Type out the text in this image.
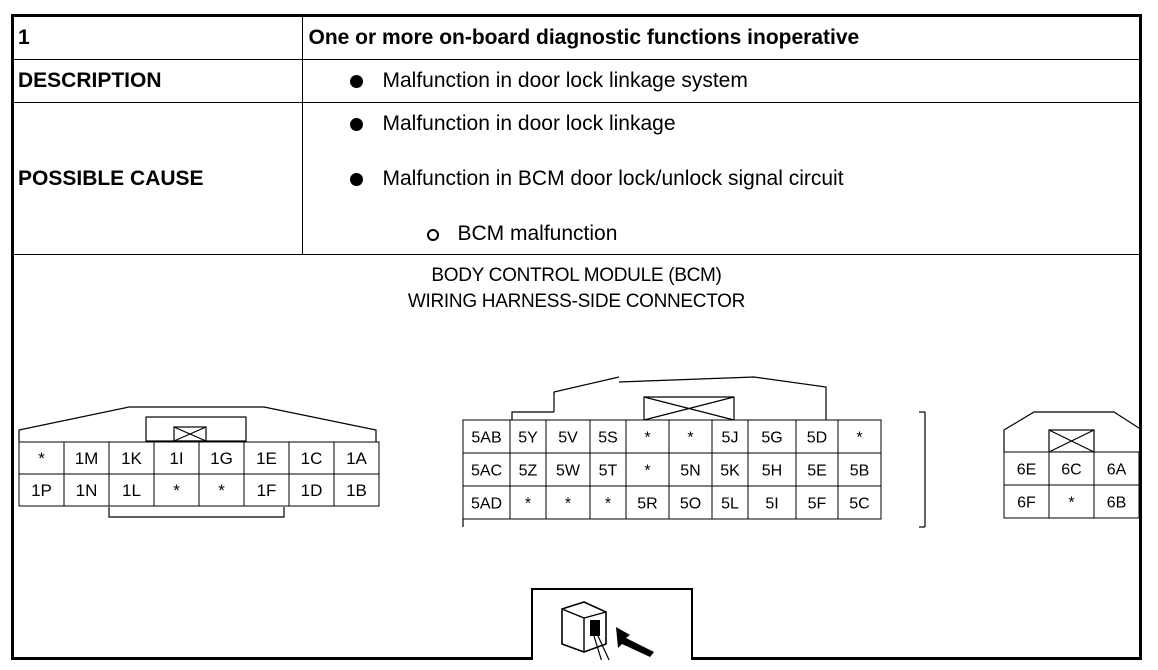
1	One or more on-board diagnostic functions inoperative
DESCRIPTION	Malfunction in door lock linkage system

POSSIBLE CAUSE	Malfunction in door lock linkage
Malfunction in BCM door lock/unlock signal circuit
BCM malfunction
BODY CONTROL MODULE (BCM)
WIRING HARNESS-SIDE CONNECTOR
* 1M 1K 1I 1G 1E 1C 1A
1P 1N 1L * * 1F 1D 1B
5AB 5Y 5V 5S * * 5J 5G 5D *
5AC 5Z 5W 5T * 5N 5K 5H 5E 5B
5AD * * * 5R 5O 5L 5I 5F 5C
6E 6C 6A
6F * 6B
